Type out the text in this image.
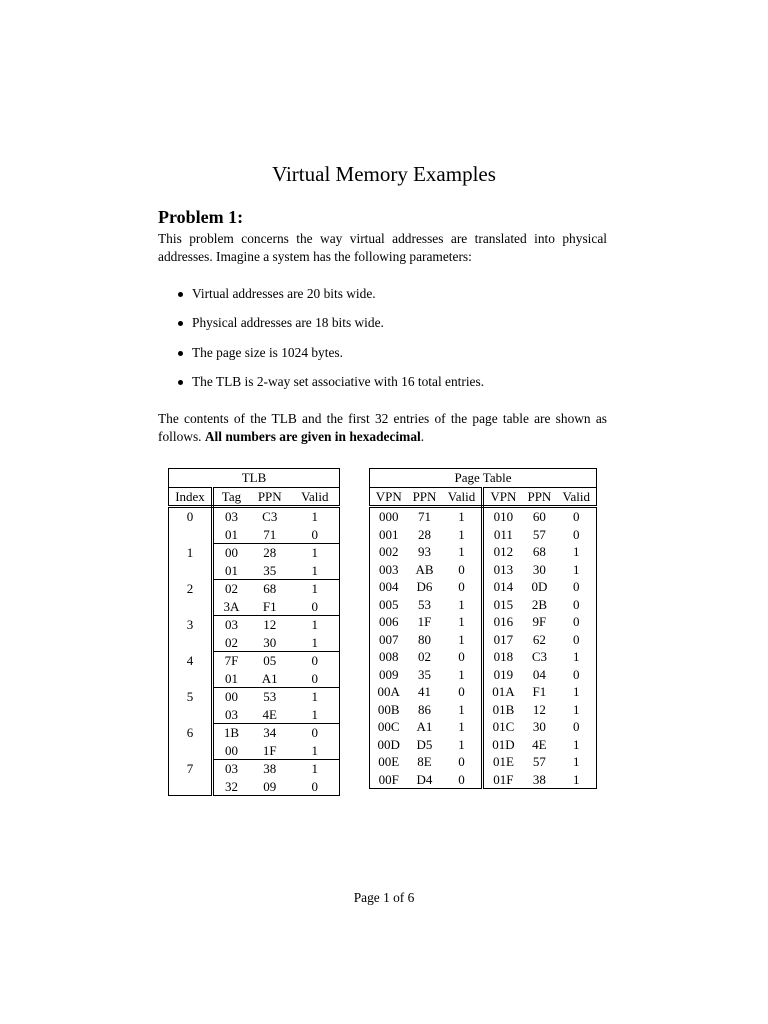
Virtual Memory Examples
Problem 1:
This problem concerns the way virtual addresses are translated into physical addresses. Imagine a system has the following parameters:
Virtual addresses are 20 bits wide.
Physical addresses are 18 bits wide.
The page size is 1024 bytes.
The TLB is 2-way set associative with 16 total entries.
The contents of the TLB and the first 32 entries of the page table are shown as follows. All numbers are given in hexadecimal.
TLB			
Index	Tag	PPN	Valid
0	03	C3	1
	01	71	0
1	00	28	1
	01	35	1
2	02	68	1
	3A	F1	0
3	03	12	1
	02	30	1
4	7F	05	0
	01	A1	0
5	00	53	1
	03	4E	1
6	1B	34	0
	00	1F	1
7	03	38	1
	32	09	0
Page Table					
VPN	PPN	Valid	VPN	PPN	Valid
000	71	1	010	60	0
001	28	1	011	57	0
002	93	1	012	68	1
003	AB	0	013	30	1
004	D6	0	014	0D	0
005	53	1	015	2B	0
006	1F	1	016	9F	0
007	80	1	017	62	0
008	02	0	018	C3	1
009	35	1	019	04	0
00A	41	0	01A	F1	1
00B	86	1	01B	12	1
00C	A1	1	01C	30	0
00D	D5	1	01D	4E	1
00E	8E	0	01E	57	1
00F	D4	0	01F	38	1
Page 1 of 6
